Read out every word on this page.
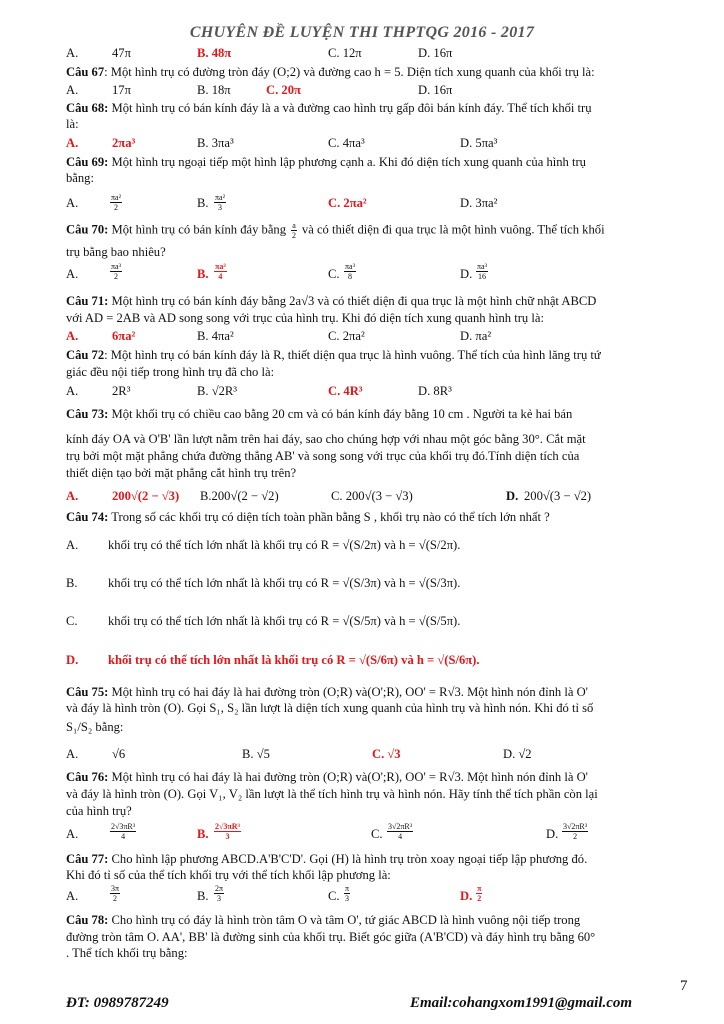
CHUYÊN ĐỀ LUYỆN THI THPTQG 2016 - 2017
A.	47π	B. 48π	C. 12π	D. 16π
Câu 67: Một hình trụ có đường tròn đáy (O;2) và đường cao h = 5. Diện tích xung quanh của khối trụ là:
A.	17π	B. 18π	C. 20π	D. 16π
Câu 68: Một hình trụ có bán kính đáy là a và đường cao hình trụ gấp đôi bán kính đáy. Thể tích khối trụ
là:
A.	2πa³	B. 3πa³	C. 4πa³	D. 5πa³
Câu 69: Một hình trụ ngoại tiếp một hình lập phương cạnh a. Khi đó diện tích xung quanh của hình trụ
bằng:
A.	$\frac{\text{πa²}}{2}$	B. $\frac{\text{πa²}}{3}$	C. 2πa²	D. 3πa²
Câu 70: Một hình trụ có bán kính đáy bằng $\frac{a}{2}$ và có thiết diện đi qua trục là một hình vuông. Thể tích khối
trụ bằng bao nhiêu?
A.	$\frac{\text{πa³}}{2}$	B. $\frac{\text{πa³}}{4}$	C. $\frac{\text{πa³}}{8}$	D. $\frac{\text{πa³}}{16}$
Câu 71: Một hình trụ có bán kính đáy bằng 2a√3 và có thiết diện đi qua trục là một hình chữ nhật ABCD
với AD = 2AB và AD song song với trục của hình trụ. Khi đó diện tích xung quanh hình trụ là:
A.	6πa²	B. 4πa²	C. 2πa²	D. πa²
Câu 72: Một hình trụ có bán kính đáy là R, thiết diện qua trục là hình vuông. Thể tích của hình lăng trụ tứ
giác đều nội tiếp trong hình trụ đã cho là:
A.	2R³	B. √2R³	C. 4R³	D. 8R³
Câu 73: Một khối trụ có chiều cao bằng 20 cm và có bán kính đáy bằng 10 cm . Người ta kẻ hai bán
kính đáy OA và O'B' lần lượt nằm trên hai đáy, sao cho chúng hợp với nhau một góc bằng 30°. Cắt mặt
trụ bởi một mặt phẳng chứa đường thẳng AB' và song song với trục của khối trụ đó.Tính diện tích của
thiết diện tạo bởi mặt phẳng cắt hình trụ trên?
A.	200√(2 − √3) B.200√(2 − √2)	C. 200√(3 − √3)	D. 200√(3 − √2)
Câu 74: Trong số các khối trụ có diện tích toàn phần bằng S , khối trụ nào có thể tích lớn nhất ?
A. khối trụ có thể tích lớn nhất là khối trụ có R = √(S/2π) và h = √(S/2π).
B. khối trụ có thể tích lớn nhất là khối trụ có R = √(S/3π) và h = √(S/3π).
C. khối trụ có thể tích lớn nhất là khối trụ có R = √(S/5π) và h = √(S/5π).
D. khối trụ có thể tích lớn nhất là khối trụ có R = √(S/6π) và h = √(S/6π).
Câu 75: Một hình trụ có hai đáy là hai đường tròn (O;R) và(O';R), OO' = R√3. Một hình nón đỉnh là O'
và đáy là hình tròn (O). Gọi S₁, S₂ lần lượt là diện tích xung quanh của hình trụ và hình nón. Khi đó tỉ số
S₁/S₂ bằng:
A.	√6	B. √5	C. √3	D. √2
Câu 76: Một hình trụ có hai đáy là hai đường tròn (O;R) và(O';R), OO' = R√3. Một hình nón đỉnh là O'
và đáy là hình tròn (O). Gọi V₁, V₂ lần lượt là thể tích hình trụ và hình nón. Hãy tính thể tích phần còn lại
của hình trụ?
A.	$\frac{\text{2√3πR³}}{4}$	B. $\frac{\text{2√3πR³}}{3}$	C. $\frac{\text{3√2πR³}}{4}$	D. $\frac{\text{3√2πR³}}{2}$
Câu 77: Cho hình lập phương ABCD.A'B'C'D'. Gọi (H) là hình trụ tròn xoay ngoại tiếp lập phương đó.
Khi đó tỉ số của thể tích khối trụ với thể tích khối lập phương là:
A.	$\frac{3\pi}{2}$	B. $\frac{2\pi}{3}$	C. $\frac{\pi}{3}$	D. $\frac{\pi}{2}$
Câu 78: Cho hình trụ có đáy là hình tròn tâm O và tâm O', tứ giác ABCD là hình vuông nội tiếp trong
đường tròn tâm O. AA', BB' là đường sinh của khối trụ. Biết góc giữa (A'B'CD) và đáy hình trụ bằng 60°
. Thể tích khối trụ bằng:
7
ĐT: 0989787249	Email:cohangxom1991@gmail.com
